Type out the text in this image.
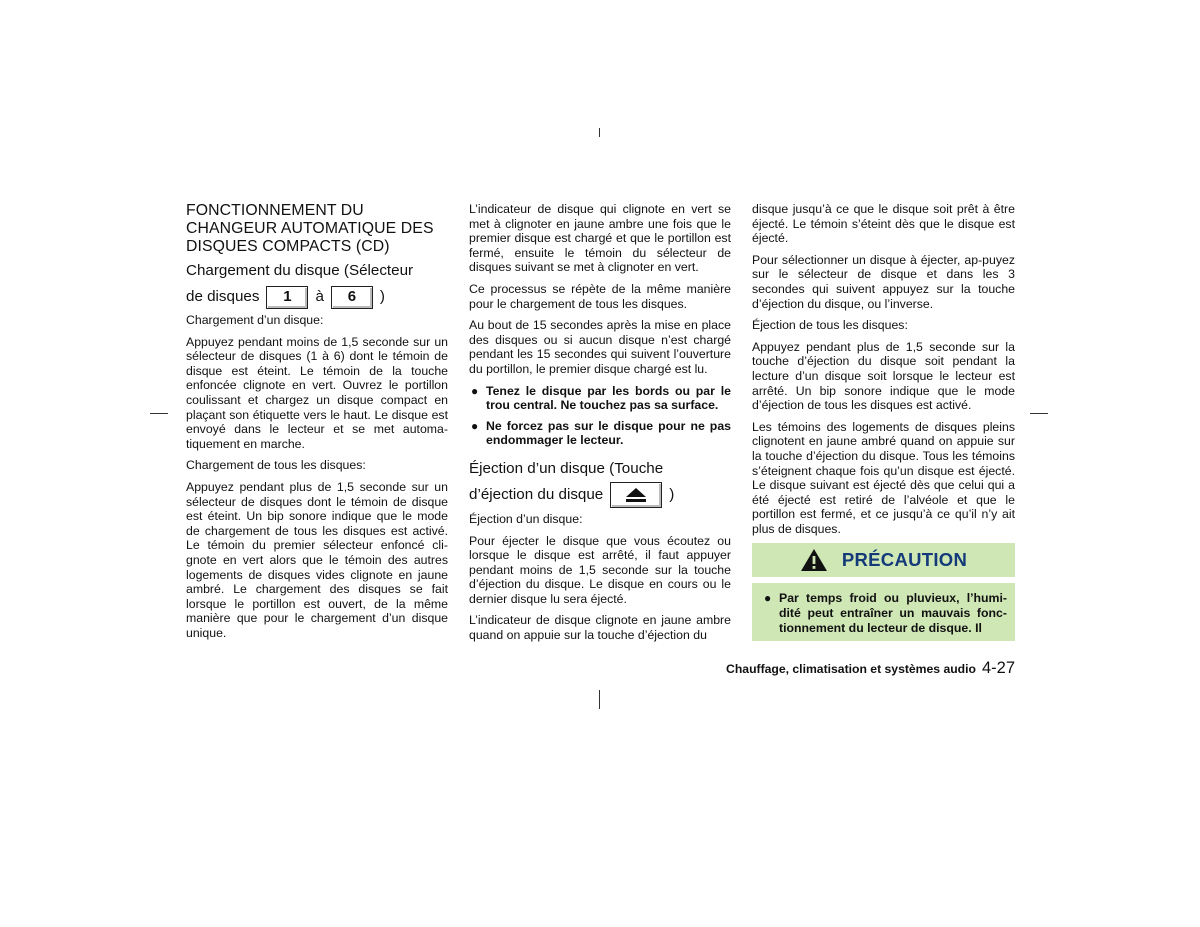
FONCTIONNEMENT DU CHANGEUR AUTOMATIQUE DES DISQUES COMPACTS (CD)
Chargement du disque (Sélecteur
de disques	1	à	6	)

Chargement d’un disque:

Appuyez pendant moins de 1,5 seconde sur un sélecteur de disques (1 à 6) dont le témoin de disque est éteint. Le témoin de la touche enfoncée clignote en vert. Ouvrez le portillon coulissant et chargez un disque compact en plaçant son étiquette vers le haut. Le disque est envoyé dans le lecteur et se met automa-tiquement en marche.

Chargement de tous les disques:

Appuyez pendant plus de 1,5 seconde sur un sélecteur de disques dont le témoin de disque est éteint. Un bip sonore indique que le mode de chargement de tous les disques est activé. Le témoin du premier sélecteur enfoncé cli-gnote en vert alors que le témoin des autres logements de disques vides clignote en jaune ambré. Le chargement des disques se fait lorsque le portillon est ouvert, de la même manière que pour le chargement d’un disque unique.

L’indicateur de disque qui clignote en vert se met à clignoter en jaune ambre une fois que le premier disque est chargé et que le portillon est fermé, ensuite le témoin du sélecteur de disques suivant se met à clignoter en vert.

Ce processus se répète de la même manière pour le chargement de tous les disques.

Au bout de 15 secondes après la mise en place des disques ou si aucun disque n’est chargé pendant les 15 secondes qui suivent l’ouverture du portillon, le premier disque chargé est lu.

● Tenez le disque par les bords ou par le trou central. Ne touchez pas sa surface.
● Ne forcez pas sur le disque pour ne pas endommager le lecteur.
Éjection d’un disque (Touche
d’éjection du disque	)

Éjection d’un disque:

Pour éjecter le disque que vous écoutez ou lorsque le disque est arrêté, il faut appuyer pendant moins de 1,5 seconde sur la touche d’éjection du disque. Le disque en cours ou le dernier disque lu sera éjecté.

L’indicateur de disque clignote en jaune ambre quand on appuie sur la touche d’éjection du

disque jusqu’à ce que le disque soit prêt à être éjecté. Le témoin s’éteint dès que le disque est éjecté.

Pour sélectionner un disque à éjecter, ap-puyez sur le sélecteur de disque et dans les 3 secondes qui suivent appuyez sur la touche d’éjection du disque, ou l’inverse.

Éjection de tous les disques:

Appuyez pendant plus de 1,5 seconde sur la touche d’éjection du disque soit pendant la lecture d’un disque soit lorsque le lecteur est arrêté. Un bip sonore indique que le mode d’éjection de tous les disques est activé.

Les témoins des logements de disques pleins clignotent en jaune ambré quand on appuie sur la touche d’éjection du disque. Tous les témoins s’éteignent chaque fois qu’un disque est éjecté. Le disque suivant est éjecté dès que celui qui a été éjecté est retiré de l’alvéole et que le portillon est fermé, et ce jusqu’à ce qu’il n’y ait plus de disques.

PRÉCAUTION
● Par temps froid ou pluvieux, l’humi-dité peut entraîner un mauvais fonc-tionnement du lecteur de disque. Il
Chauffage, climatisation et systèmes audio 4-27
